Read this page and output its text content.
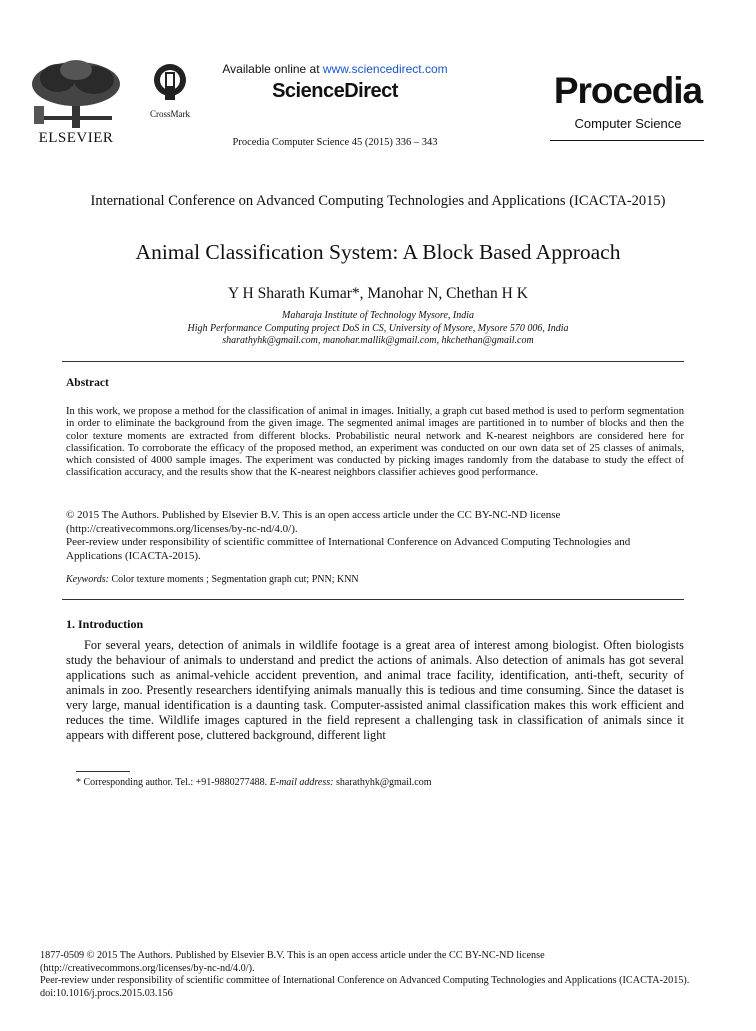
ELSEVIER
CrossMark
Available online at www.sciencedirect.com
ScienceDirect
Procedia Computer Science 45 (2015) 336 – 343
Procedia
Computer Science
International Conference on Advanced Computing Technologies and Applications (ICACTA-2015)
Animal Classification System: A Block Based Approach
Y H Sharath Kumar*, Manohar N, Chethan H K
Maharaja Institute of Technology Mysore, India
High Performance Computing project DoS in CS, University of Mysore, Mysore 570 006, India
sharathyhk@gmail.com, manohar.mallik@gmail.com, hkchethan@gmail.com
Abstract
In this work, we propose a method for the classification of animal in images. Initially, a graph cut based method is used to perform segmentation in order to eliminate the background from the given image. The segmented animal images are partitioned in to number of blocks and then the color texture moments are extracted from different blocks. Probabilistic neural network and K-nearest neighbors are considered here for classification. To corroborate the efficacy of the proposed method, an experiment was conducted on our own data set of 25 classes of animals, which consisted of 4000 sample images. The experiment was conducted by picking images randomly from the database to study the effect of classification accuracy, and the results show that the K-nearest neighbors classifier achieves good performance.
© 2015 The Authors. Published by Elsevier B.V. This is an open access article under the CC BY-NC-ND license
(http://creativecommons.org/licenses/by-nc-nd/4.0/).
Peer-review under responsibility of scientific committee of International Conference on Advanced Computing Technologies and Applications (ICACTA-2015).
Keywords: Color texture moments ; Segmentation graph cut; PNN; KNN
1. Introduction
For several years, detection of animals in wildlife footage is a great area of interest among biologist. Often biologists study the behaviour of animals to understand and predict the actions of animals. Also detection of animals has got several applications such as animal-vehicle accident prevention, and animal trace facility, identification, anti-theft, security of animals in zoo. Presently researchers identifying animals manually this is tedious and time consuming. Since the dataset is very large, manual identification is a daunting task. Computer-assisted animal classification makes this work efficient and reduces the time. Wildlife images captured in the field represent a challenging task in classification of animals since it appears with different pose, cluttered background, different light
* Corresponding author. Tel.: +91-9880277488. E-mail address: sharathyhk@gmail.com
1877-0509 © 2015 The Authors. Published by Elsevier B.V. This is an open access article under the CC BY-NC-ND license
(http://creativecommons.org/licenses/by-nc-nd/4.0/).
Peer-review under responsibility of scientific committee of International Conference on Advanced Computing Technologies and Applications (ICACTA-2015).
doi:10.1016/j.procs.2015.03.156
